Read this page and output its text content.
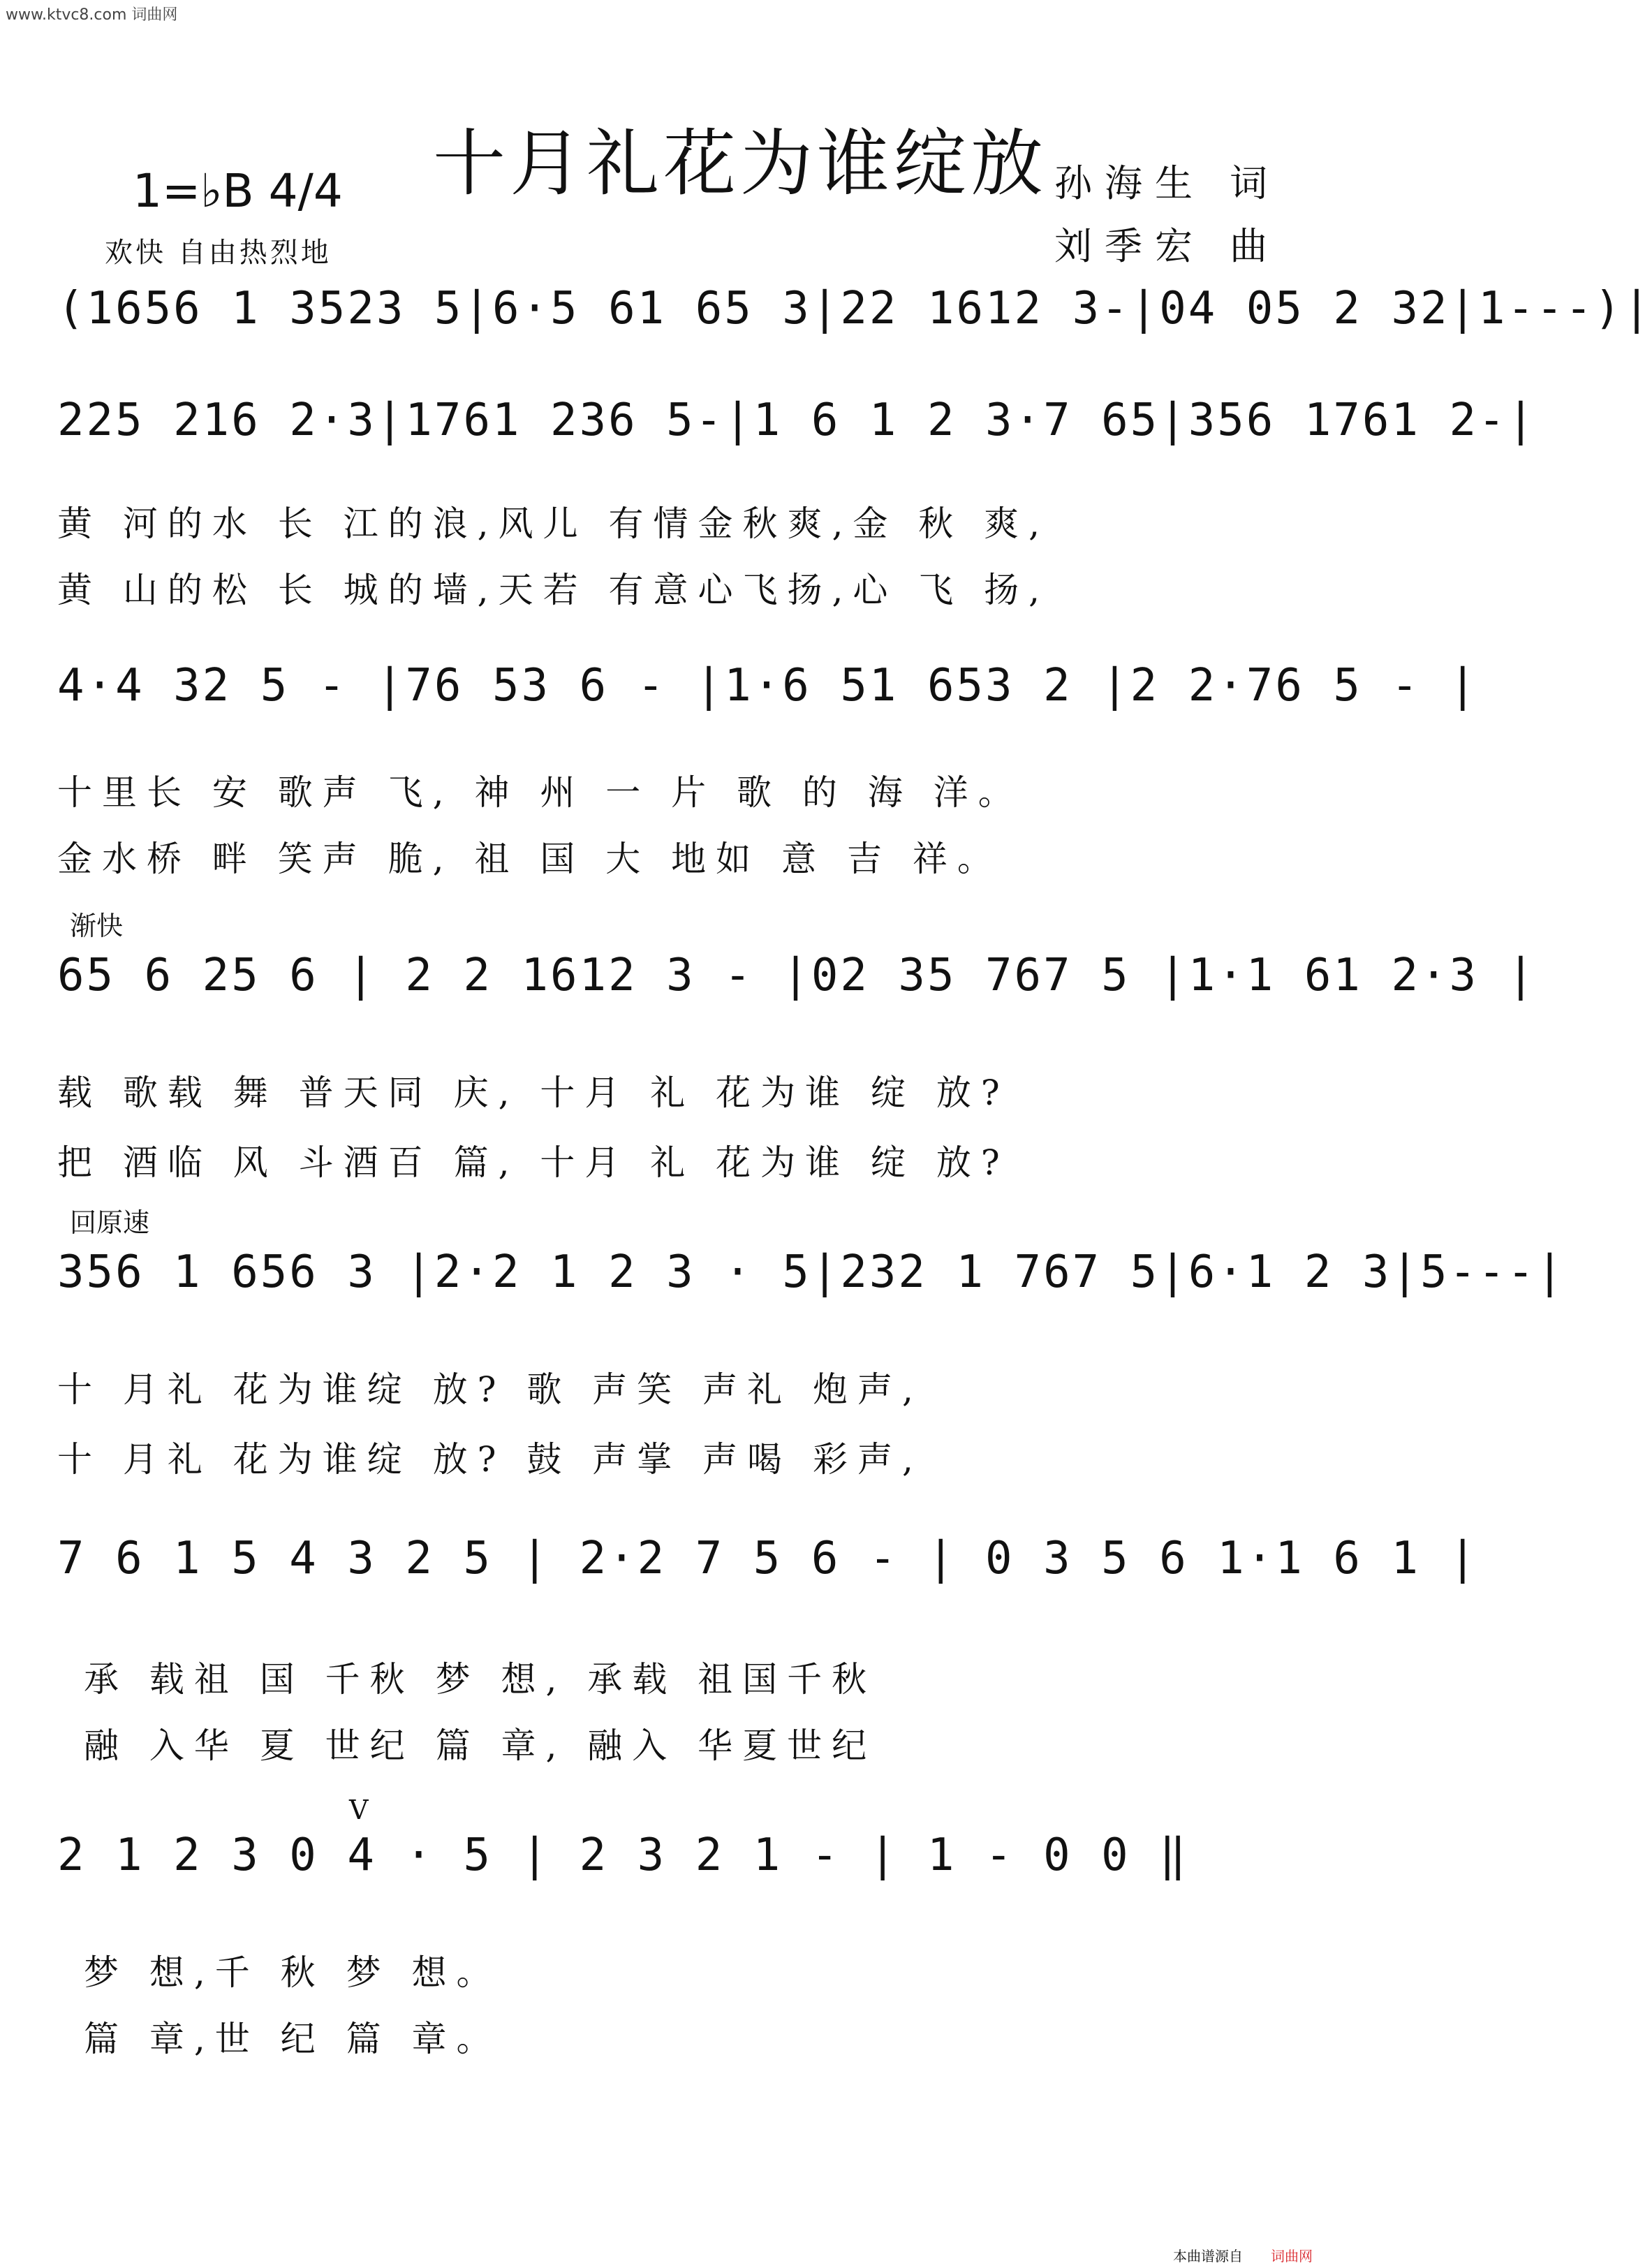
www.ktvc8.com 词曲网
十月礼花为谁绽放
1=♭B 4/4
欢快 自由热烈地
孙海生 词
刘季宏 曲
(1656 1 3523 5|6·5 61 65 3|22 1612 3-|04 05 2 32|1---)|
225 216 2·3|1761 236 5-|1 6 1 2 3·7 65|356 1761 2-|
黄 河的水 长 江的浪,风儿 有情金秋爽,金 秋 爽,
黄 山的松 长 城的墙,天若 有意心飞扬,心 飞 扬,
4·4 32 5 - |76 53 6 - |1·6 51 653 2 |2 2·76 5 - |
十里长 安 歌声 飞, 神 州 一 片 歌 的 海 洋。
金水桥 畔 笑声 脆, 祖 国 大 地如 意 吉 祥。
渐快
65 6 25 6 | 2 2 1612 3 - |02 35 767 5 |1·1 61 2·3 |
载 歌载 舞 普天同 庆, 十月 礼 花为谁 绽 放?
把 酒临 风 斗酒百 篇, 十月 礼 花为谁 绽 放?
回原速
356 1 656 3 |2·2 1 2 3 · 5|232 1 767 5|6·1 2 3|5---|
十 月礼 花为谁绽 放? 歌 声笑 声礼 炮声,
十 月礼 花为谁绽 放? 鼓 声掌 声喝 彩声,
7 6 1 5 4 3 2 5 | 2·2 7 5 6 - | 0 3 5 6 1·1 6 1 |
承 载祖 国 千秋 梦 想, 承载 祖国千秋
融 入华 夏 世纪 篇 章, 融入 华夏世纪
V
2 1 2 3 0 4 · 5 | 2 3 2 1 - | 1 - 0 0 ‖
梦 想,千 秋 梦 想。
篇 章,世 纪 篇 章。
本曲谱源自 词曲网
